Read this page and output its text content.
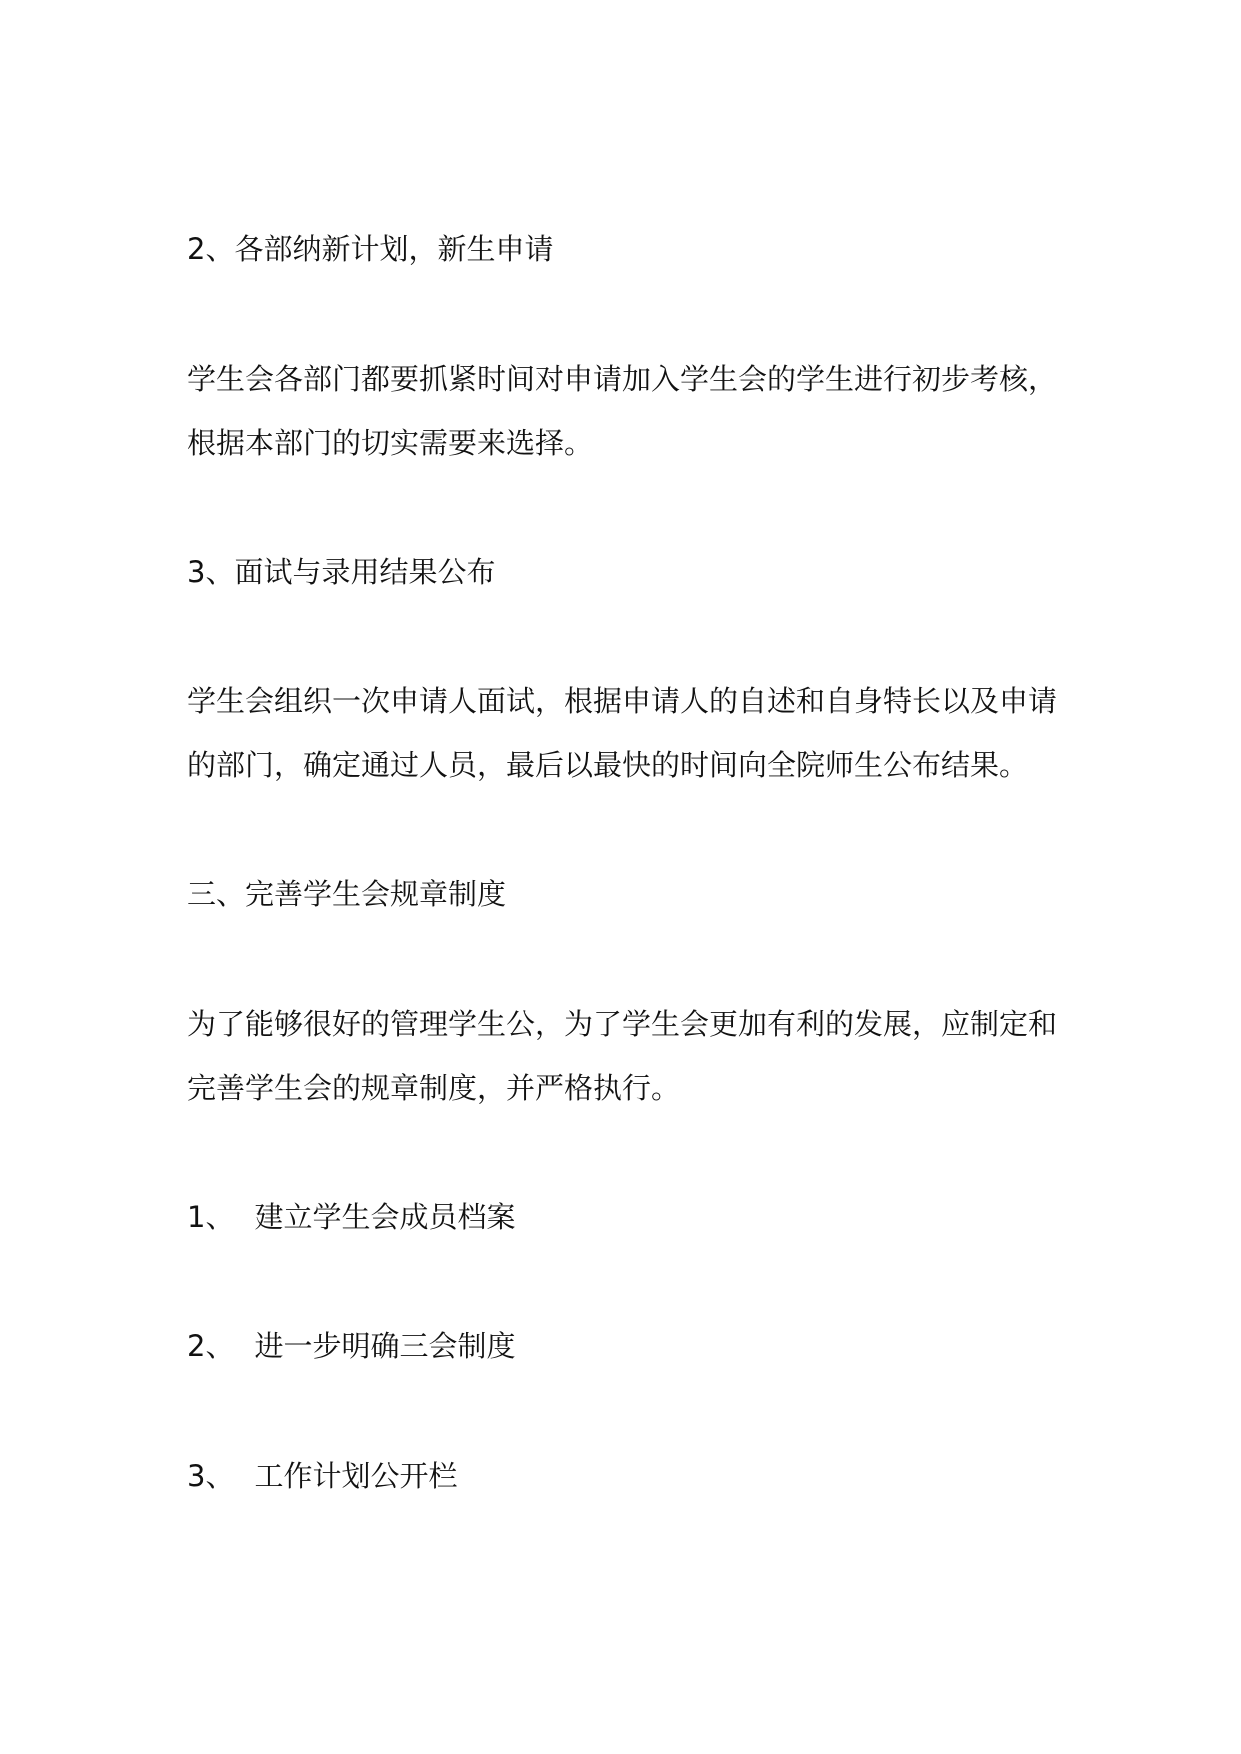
2、各部纳新计划，新生申请
学生会各部门都要抓紧时间对申请加入学生会的学生进行初步考核，
根据本部门的切实需要来选择。
3、面试与录用结果公布
学生会组织一次申请人面试，根据申请人的自述和自身特长以及申请
的部门，确定通过人员，最后以最快的时间向全院师生公布结果。
三、完善学生会规章制度
为了能够很好的管理学生公，为了学生会更加有利的发展，应制定和
完善学生会的规章制度，并严格执行。
1、 建立学生会成员档案
2、 进一步明确三会制度
3、 工作计划公开栏
